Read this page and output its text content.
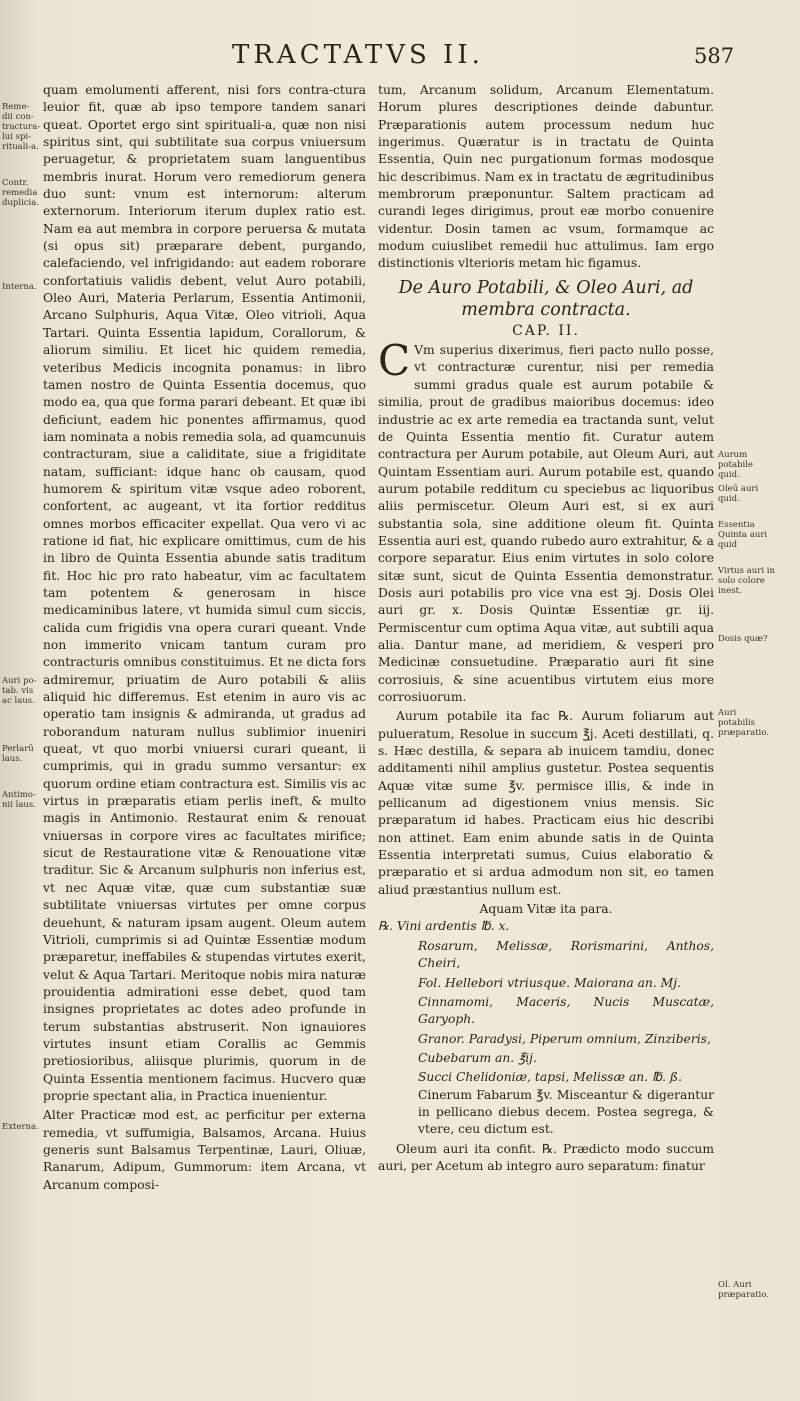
TRACTATVS II.	587
Reme-dii con-tractura-lui spi-rituali-a.
Contr. remedia duplicia.
Interna.
Auri po-tab. vis ac laus.
Perlarū laus.
Antimo-nii laus.
Externa.

quam emolumenti afferent, nisi fors contra-ctura leuior fit, quæ ab ipso tempore tandem sanari queat. Oportet ergo sint spirituali-a, quæ non nisi spiritus sint, qui subtilitate sua corpus vniuersum peruagetur, & proprietatem suam languentibus membris inurat. Horum vero remediorum genera duo sunt: vnum est internorum: alterum externorum. Interiorum iterum duplex ratio est. Nam ea aut membra in corpore peruersa & mutata (si opus sit) præparare debent, purgando, calefaciendo, vel infrigidando: aut eadem roborare confortatiuis validis debent, velut Auro potabili, Oleo Auri, Materia Perlarum, Essentia Antimonii, Arcano Sulphuris, Aqua Vitæ, Oleo vitrioli, Aqua Tartari. Quinta Essentia lapidum, Corallorum, & aliorum similiu. Et licet hic quidem remedia, veteribus Medicis incognita ponamus: in libro tamen nostro de Quinta Essentia docemus, quo modo ea, qua que forma parari debeant. Et quæ ibi deficiunt, eadem hic ponentes affirmamus, quod iam nominata a nobis remedia sola, ad quamcunuis contracturam, siue a caliditate, siue a frigiditate natam, sufficiant: idque hanc ob causam, quod humorem & spiritum vitæ vsque adeo roborent, confortent, ac augeant, vt ita fortior redditus omnes morbos efficaciter expellat. Qua vero vi ac ratione id fiat, hic explicare omittimus, cum de his in libro de Quinta Essentia abunde satis traditum fit. Hoc hic pro rato habeatur, vim ac facultatem tam potentem & generosam in hisce medicaminibus latere, vt humida simul cum siccis, calida cum frigidis vna opera curari queant. Vnde non immerito vnicam tantum curam pro contracturis omnibus constituimus. Et ne dicta fors admiremur, priuatim de Auro potabili & aliis aliquid hic differemus. Est etenim in auro vis ac operatio tam insignis & admiranda, ut gradus ad roborandum naturam nullus sublimior inueniri queat, vt quo morbi vniuersi curari queant, ii cumprimis, qui in gradu summo versantur: ex quorum ordine etiam contractura est. Similis vis ac virtus in præparatis etiam perlis ineft, & multo magis in Antimonio. Restaurat enim & renouat vniuersas in corpore vires ac facultates mirifice; sicut de Restauratione vitæ & Renouatione vitæ traditur. Sic & Arcanum sulphuris non inferius est, vt nec Aquæ vitæ, quæ cum substantiæ suæ subtilitate vniuersas virtutes per omne corpus deuehunt, & naturam ipsam augent. Oleum autem Vitrioli, cumprimis si ad Quintæ Essentiæ modum præparetur, ineffabiles & stupendas virtutes exerit, velut & Aqua Tartari. Meritoque nobis mira naturæ prouidentia admirationi esse debet, quod tam insignes proprietates ac dotes adeo profunde in terum substantias abstruserit. Non ignauiores virtutes insunt etiam Corallis ac Gemmis pretiosioribus, aliisque plurimis, quorum in de Quinta Essentia mentionem facimus. Hucvero quæ proprie spectant alia, in Practica inuenientur.

Alter Practicæ mod est, ac perficitur per externa remedia, vt suffumigia, Balsamos, Arcana. Huius generis sunt Balsamus Terpentinæ, Lauri, Oliuæ, Ranarum, Adipum, Gummorum: item Arcana, vt Arcanum composi-

tum, Arcanum solidum, Arcanum Elementatum. Horum plures descriptiones deinde dabuntur. Præparationis autem processum nedum huc ingerimus. Quæratur is in tractatu de Quinta Essentia, Quin nec purgationum formas modosque hic describimus. Nam ex in tractatu de ægritudinibus membrorum præponuntur. Saltem practicam ad curandi leges dirigimus, prout eæ morbo conuenire videntur. Dosin tamen ac vsum, formamque ac modum cuiuslibet remedii huc attulimus. Iam ergo distinctionis vlterioris metam hic figamus.

De Auro Potabili, & Oleo Auri, ad membra contracta.
CAP. II.

C Vm superius dixerimus, fieri pacto nullo posse, vt contracturæ curentur, nisi per remedia summi gradus quale est aurum potabile & similia, prout de gradibus maioribus docemus: ideo industrie ac ex arte remedia ea tractanda sunt, velut de Quinta Essentia mentio fit. Curatur autem contractura per Aurum potabile, aut Oleum Auri, aut Quintam Essentiam auri. Aurum potabile est, quando aurum potabile redditum cu speciebus ac liquoribus aliis permiscetur. Oleum Auri est, si ex auri substantia sola, sine additione oleum fit. Quinta Essentia auri est, quando rubedo auro extrahitur, & a corpore separatur. Eius enim virtutes in solo colore sitæ sunt, sicut de Quinta Essentia demonstratur. Dosis auri potabilis pro vice vna est ℈j. Dosis Olei auri gr. x. Dosis Quintæ Essentiæ gr. iij. Permiscentur cum optima Aqua vitæ, aut subtili aqua alia. Dantur mane, ad meridiem, & vesperi pro Medicinæ consuetudine. Præparatio auri fit sine corrosiuis, & sine acuentibus virtutem eius more corrosiuorum.

Aurum potabile ita fac ℞. Aurum foliarum aut pulueratum, Resolue in succum ℥j. Aceti destillati, q. s. Hæc destilla, & separa ab inuicem tamdiu, donec additamenti nihil amplius gustetur. Postea sequentis Aquæ vitæ sume ℥v. permisce illis, & inde in pellicanum ad digestionem vnius mensis. Sic præparatum id habes. Practicam eius hic describi non attinet. Eam enim abunde satis in de Quinta Essentia interpretati sumus, Cuius elaboratio & præparatio et si ardua admodum non sit, eo tamen aliud præstantius nullum est.

Aquam Vitæ ita para.

℞. Vini ardentis ℔. x.

Rosarum, Melissæ, Rorismarini, Anthos, Cheiri,

Fol. Hellebori vtriusque. Maiorana an. Mj.

Cinnamomi, Maceris, Nucis Muscatæ, Garyoph.

Granor. Paradysi, Piperum omnium, Zinziberis,

Cubebarum an. ℥ij.

Succi Chelidoniæ, tapsi, Melissæ an. ℔. ß.

Cinerum Fabarum ℥v. Misceantur & digerantur in pellicano diebus decem. Postea segrega, & vtere, ceu dictum est.

Oleum auri ita confit. ℞. Prædicto modo succum auri, per Acetum ab integro auro separatum: finatur

Aurum potabile quid.
Oleū auri quid.
Essentia Quinta auri quid
Virtus auri in solo colore inest.
Dosis quæ?
Auri potabilis præparatio.
Ol. Auri præparatio.
